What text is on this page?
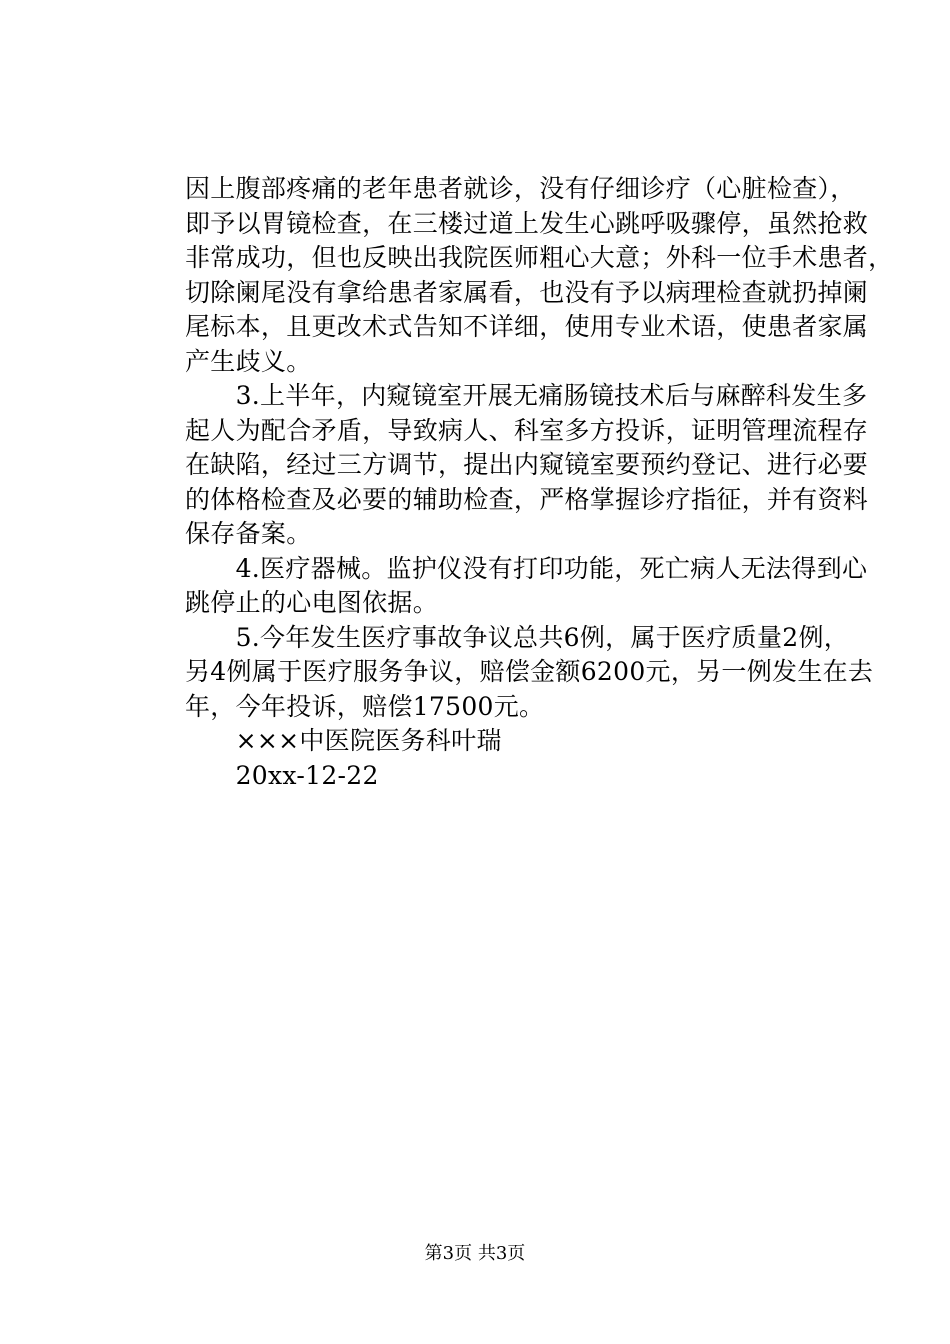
因上腹部疼痛的老年患者就诊，没有仔细诊疗（心脏检查），
即予以胃镜检查，在三楼过道上发生心跳呼吸骤停，虽然抢救
非常成功，但也反映出我院医师粗心大意；外科一位手术患者，
切除阑尾没有拿给患者家属看，也没有予以病理检查就扔掉阑
尾标本，且更改术式告知不详细，使用专业术语，使患者家属
产生歧义。
　　3.上半年，内窥镜室开展无痛肠镜技术后与麻醉科发生多
起人为配合矛盾，导致病人、科室多方投诉，证明管理流程存
在缺陷，经过三方调节，提出内窥镜室要预约登记、进行必要
的体格检查及必要的辅助检查，严格掌握诊疗指征，并有资料
保存备案。
　　4.医疗器械。监护仪没有打印功能，死亡病人无法得到心
跳停止的心电图依据。
　　5.今年发生医疗事故争议总共6例，属于医疗质量2例，
另4例属于医疗服务争议，赔偿金额6200元，另一例发生在去
年，今年投诉，赔偿17500元。
　　×××中医院医务科叶瑞
　　20xx-12-22
第3页 共3页
